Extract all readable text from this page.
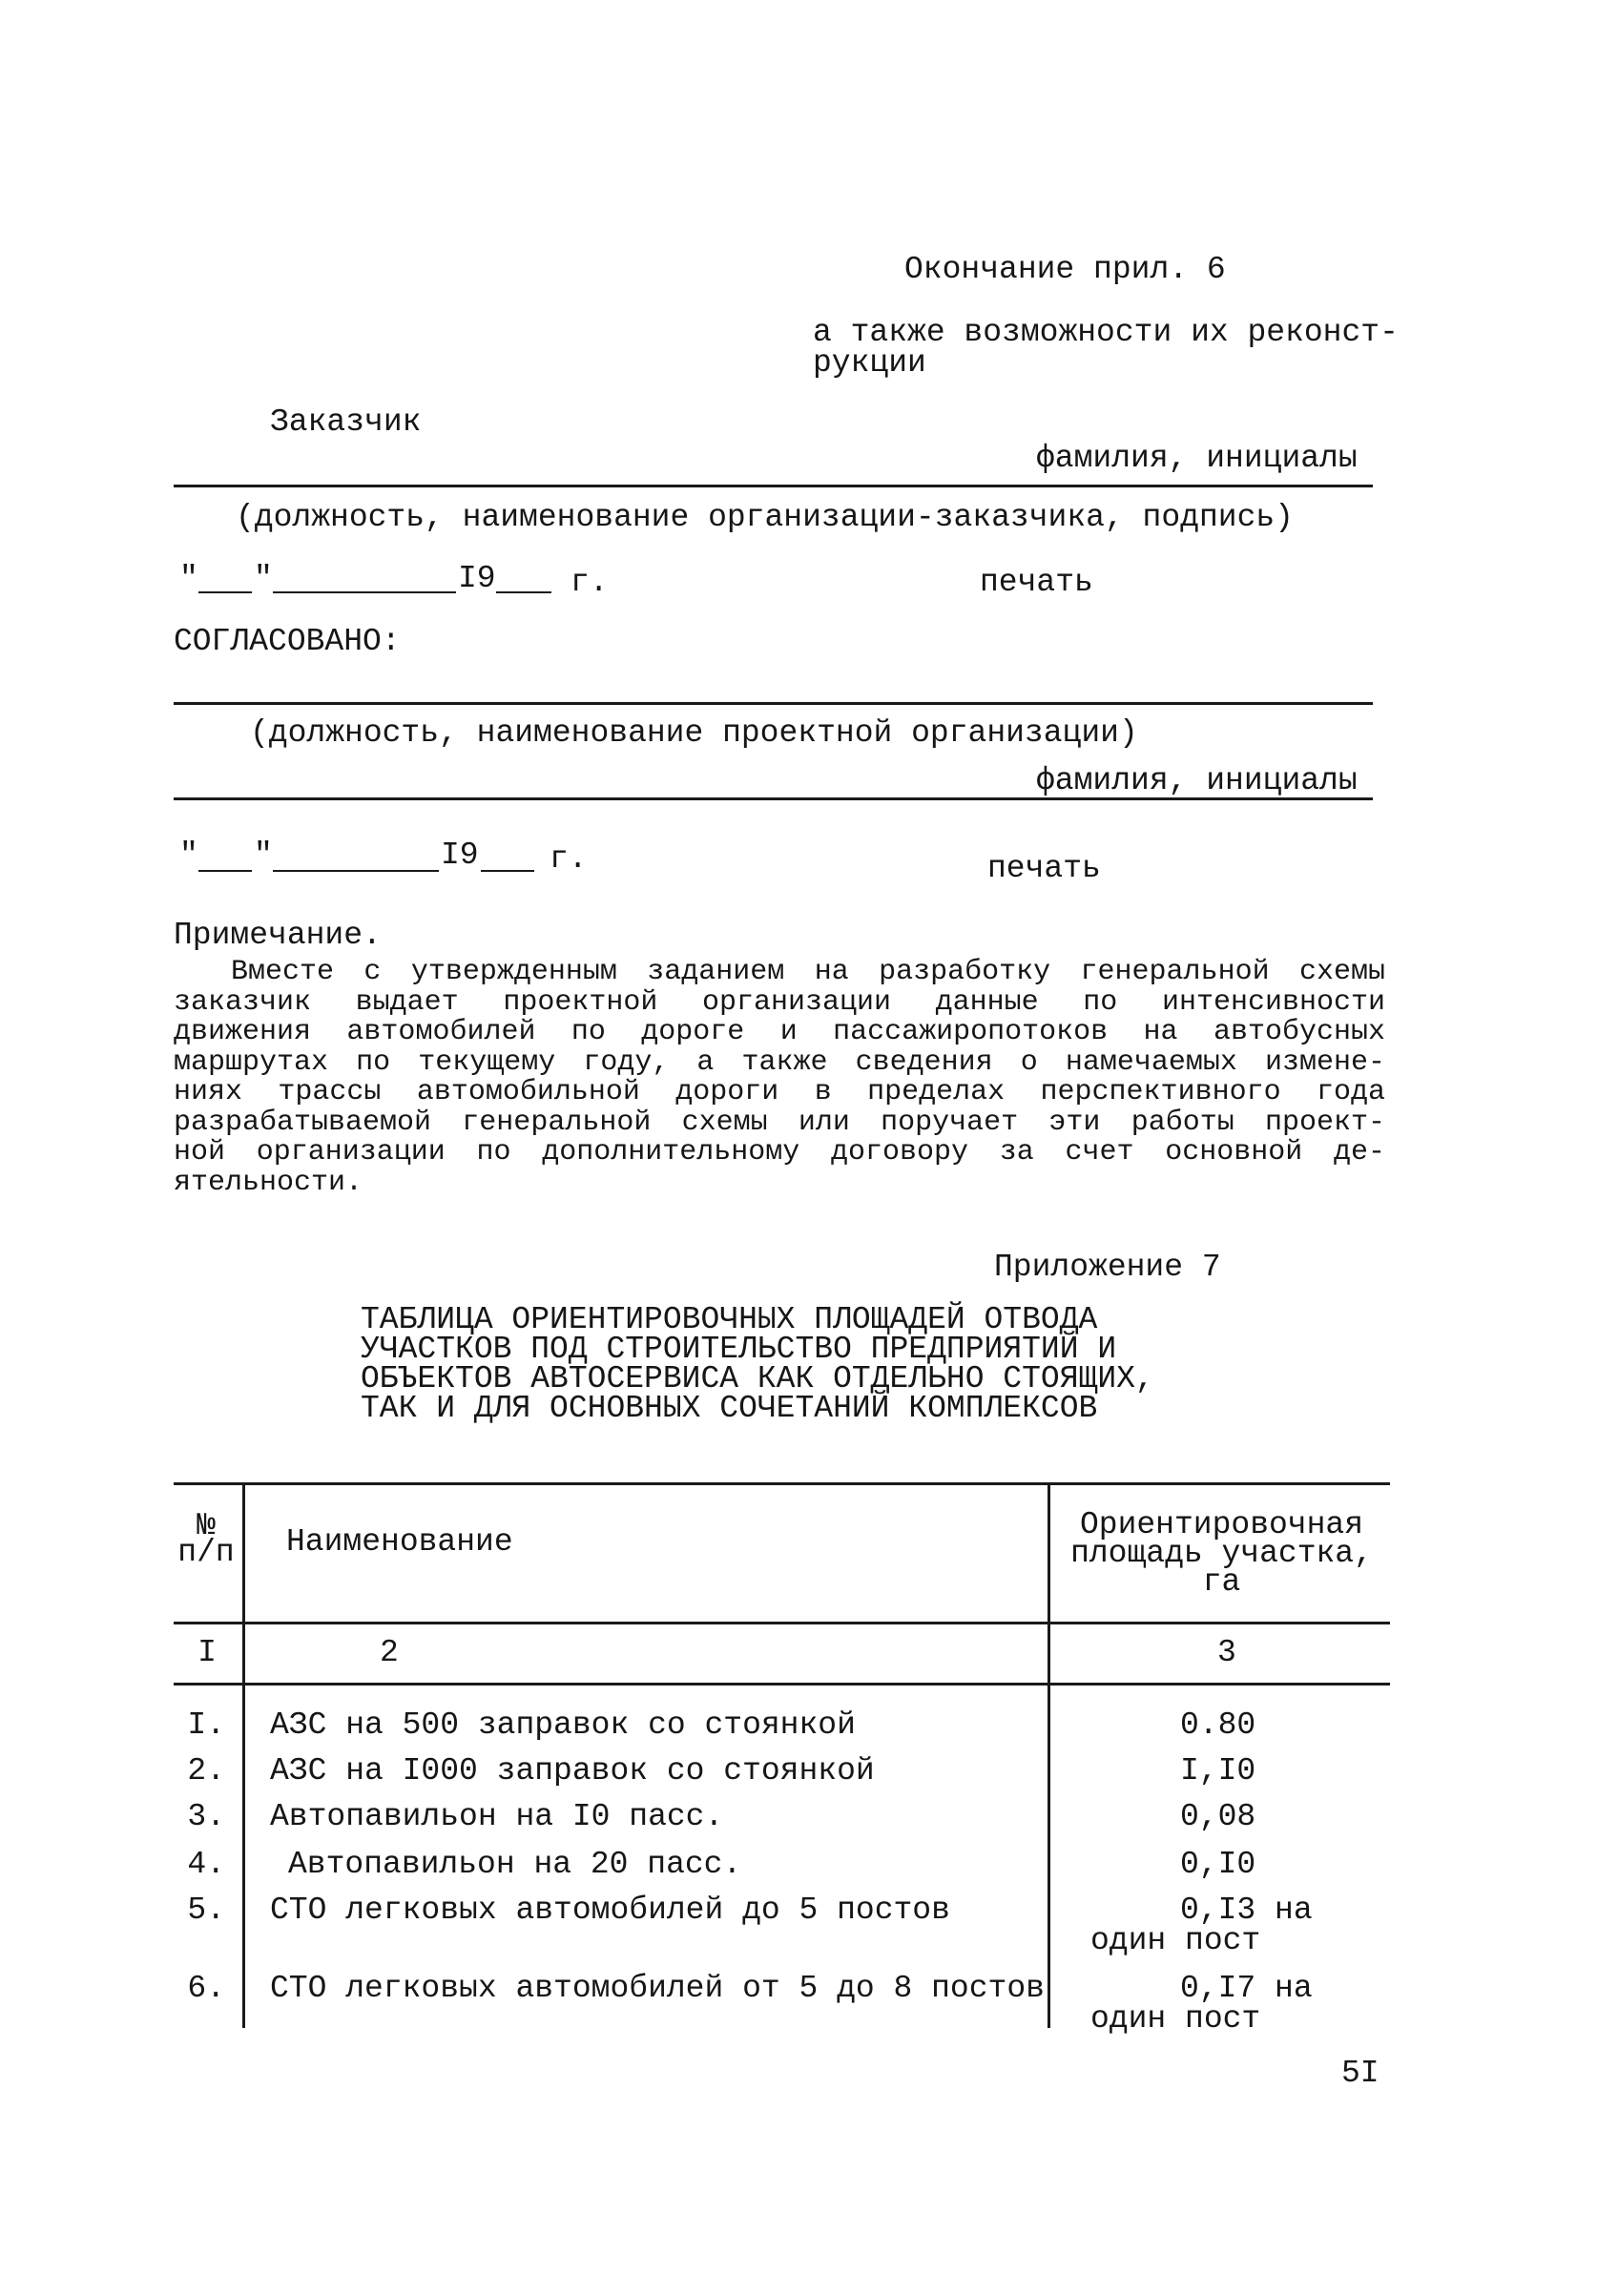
Окончание прил. 6
а также возможности их реконст-
рукции
Заказчик
фамилия, инициалы
(должность, наименование организации-заказчика, подпись)
" "	I9 г.	печать
СОГЛАСОВАНО:
(должность, наименование проектной организации)
фамилия, инициалы
" "	I9 г.	печать
Примечание.
Вместе с утвержденным заданием на разработку генеральной схемы
заказчик выдает проектной организации данные по интенсивности
движения автомобилей по дороге и пассажиропотоков на автобусных
маршрутах по текущему году, а также сведения о намечаемых измене-
ниях трассы автомобильной дороги в пределах перспективного года
разрабатываемой генеральной схемы или поручает эти работы проект-
ной организации по дополнительному договору за счет основной де-
ятельности.
Приложение 7
ТАБЛИЦА ОРИЕНТИРОВОЧНЫХ ПЛОЩАДЕЙ ОТВОДА
УЧАСТКОВ ПОД СТРОИТЕЛЬСТВО ПРЕДПРИЯТИЙ И
ОБЪЕКТОВ АВТОСЕРВИСА КАК ОТДЕЛЬНО СТОЯЩИХ,
ТАК И ДЛЯ ОСНОВНЫХ СОЧЕТАНИЙ КОМПЛЕКСОВ
№
п/п Наименование	Ориентировочная
площадь участка,
га
I	2	3
I. АЗС на 500 заправок со стоянкой	0.80
2. АЗС на I000 заправок со стоянкой	I,I0
3. Автопавильон на I0 пасс.	0,08
4. Автопавильон на 20 пасс.	0,I0
5. СТО легковых автомобилей до 5 постов	0,I3 на
один пост
6. СТО легковых автомобилей от 5 до 8 постов	0,I7 на
один пост
5I
